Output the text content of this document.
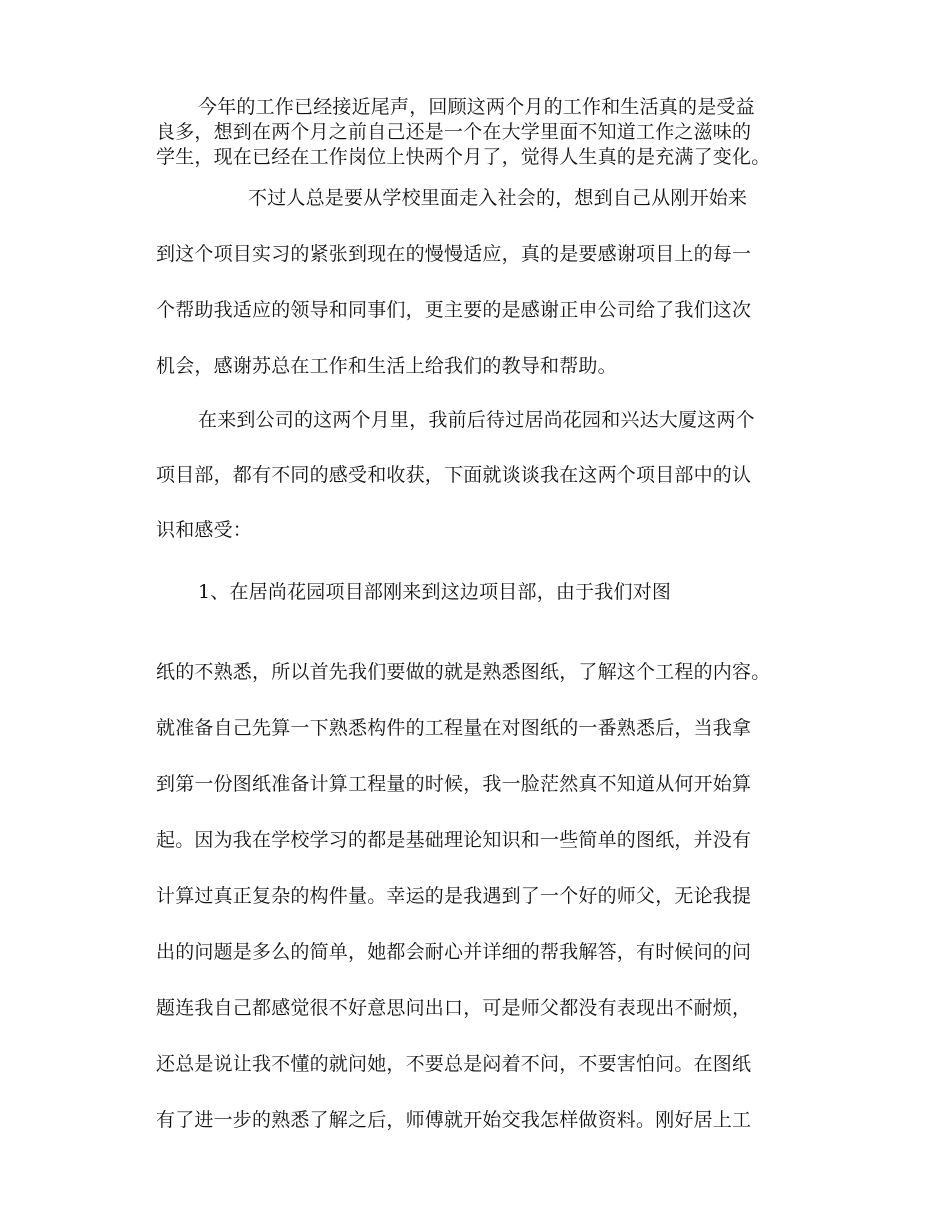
今年的工作已经接近尾声，回顾这两个月的工作和生活真的是受益
良多，想到在两个月之前自己还是一个在大学里面不知道工作之滋味的
学生，现在已经在工作岗位上快两个月了，觉得人生真的是充满了变化。
不过人总是要从学校里面走入社会的，想到自己从刚开始来
到这个项目实习的紧张到现在的慢慢适应，真的是要感谢项目上的每一
个帮助我适应的领导和同事们，更主要的是感谢正申公司给了我们这次
机会，感谢苏总在工作和生活上给我们的教导和帮助。
在来到公司的这两个月里，我前后待过居尚花园和兴达大厦这两个
项目部，都有不同的感受和收获，下面就谈谈我在这两个项目部中的认
识和感受：
1、在居尚花园项目部刚来到这边项目部，由于我们对图
纸的不熟悉，所以首先我们要做的就是熟悉图纸，了解这个工程的内容。
就准备自己先算一下熟悉构件的工程量在对图纸的一番熟悉后，当我拿
到第一份图纸准备计算工程量的时候，我一脸茫然真不知道从何开始算
起。因为我在学校学习的都是基础理论知识和一些简单的图纸，并没有
计算过真正复杂的构件量。幸运的是我遇到了一个好的师父，无论我提
出的问题是多么的简单，她都会耐心并详细的帮我解答，有时候问的问
题连我自己都感觉很不好意思问出口，可是师父都没有表现出不耐烦，
还总是说让我不懂的就问她，不要总是闷着不问，不要害怕问。在图纸
有了进一步的熟悉了解之后，师傅就开始交我怎样做资料。刚好居上工
